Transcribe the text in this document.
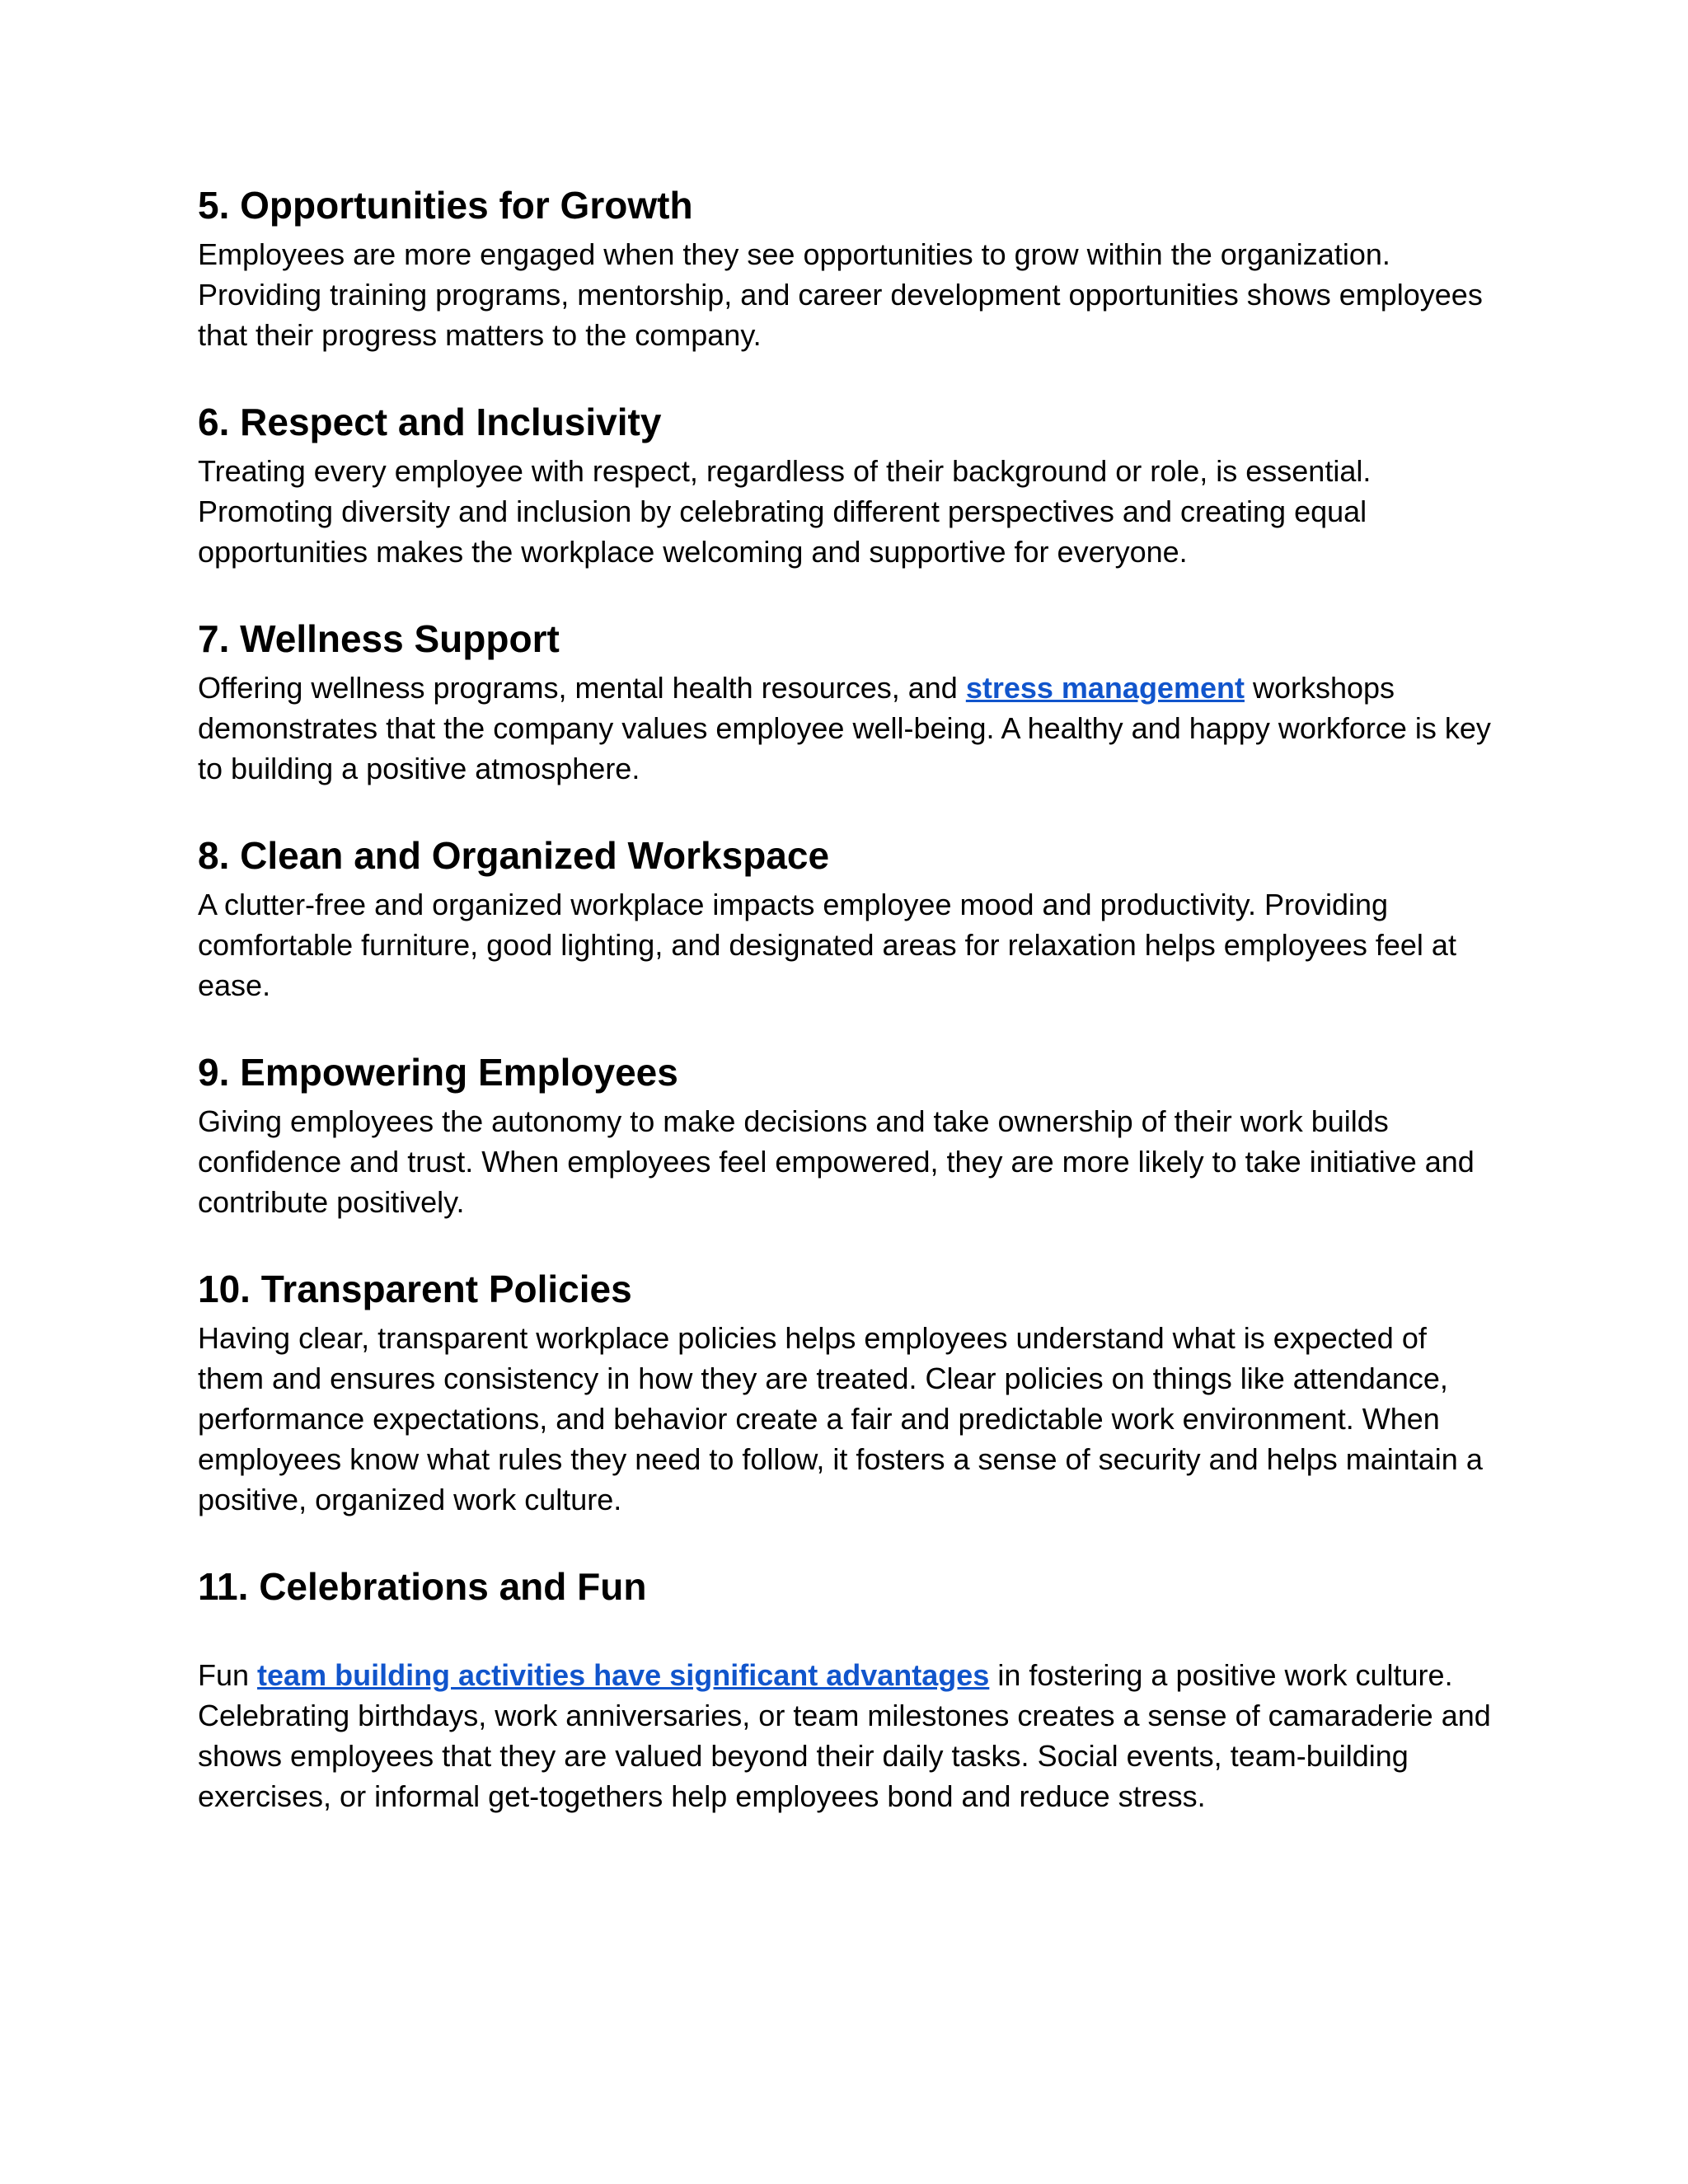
5. Opportunities for Growth

Employees are more engaged when they see opportunities to grow within the organization. Providing training programs, mentorship, and career development opportunities shows employees that their progress matters to the company.

6. Respect and Inclusivity

Treating every employee with respect, regardless of their background or role, is essential. Promoting diversity and inclusion by celebrating different perspectives and creating equal opportunities makes the workplace welcoming and supportive for everyone.

7. Wellness Support

Offering wellness programs, mental health resources, and stress management workshops demonstrates that the company values employee well-being. A healthy and happy workforce is key to building a positive atmosphere.

8. Clean and Organized Workspace

A clutter-free and organized workplace impacts employee mood and productivity. Providing comfortable furniture, good lighting, and designated areas for relaxation helps employees feel at ease.

9. Empowering Employees

Giving employees the autonomy to make decisions and take ownership of their work builds confidence and trust. When employees feel empowered, they are more likely to take initiative and contribute positively.

10. Transparent Policies

Having clear, transparent workplace policies helps employees understand what is expected of them and ensures consistency in how they are treated. Clear policies on things like attendance, performance expectations, and behavior create a fair and predictable work environment. When employees know what rules they need to follow, it fosters a sense of security and helps maintain a positive, organized work culture.

11. Celebrations and Fun

Fun team building activities have significant advantages in fostering a positive work culture. Celebrating birthdays, work anniversaries, or team milestones creates a sense of camaraderie and shows employees that they are valued beyond their daily tasks. Social events, team-building exercises, or informal get-togethers help employees bond and reduce stress.
